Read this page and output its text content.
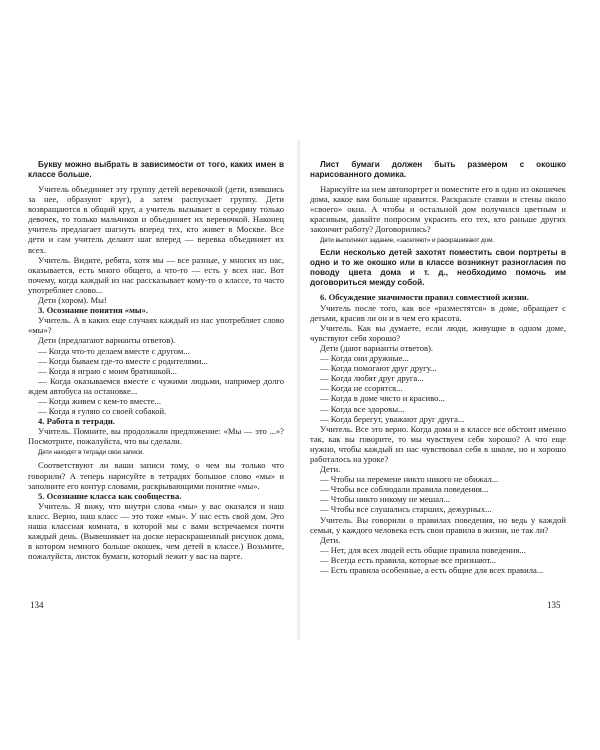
Букву можно выбрать в зависимости от того, каких имен в классе больше.

Учитель объединяет эту группу детей веревочкой (дети, взявшись за нее, образуют круг), а затем распускает группу. Дети возвращаются в общий круг, а учитель вызывает в середину только девочек, то только мальчиков и объединяет их веревочкой. Наконец учитель предлагает шагнуть вперед тех, кто живет в Москве. Все дети и сам учитель делают шаг вперед — веревка объединяет их всех.

Учитель. Видите, ребята, хотя мы — все разные, у многих из нас, оказывается, есть много общего, а что-то — есть у всех нас. Вот почему, когда каждый из нас рассказывает кому-то о классе, то часто употребляет слово...

Дети (хором). Мы!

3. Осознание понятия «мы».

Учитель. А в каких еще случаях каждый из нас употребляет слово «мы»?

Дети (предлагают варианты ответов).

— Когда что-то делаем вместе с другом...

— Когда бываем где-то вместе с родителями...

— Когда я играю с моим братишкой...

— Когда оказываемся вместе с чужими людьми, например долго ждем автобуса на остановке...

— Когда живем с кем-то вместе...

— Когда я гуляю со своей собакой.

4. Работа в тетради.

Учитель. Помните, вы продолжали предложение: «Мы — это ...»? Посмотрите, пожалуйста, что вы сделали.

Дети находят в тетради свои записи.

Соответствуют ли ваши записи тому, о чем вы только что говорили? А теперь нарисуйте в тетрадях большое слово «мы» и заполните его контур словами, раскрывающими понятие «мы».

5. Осознание класса как сообщества.

Учитель. Я вижу, что внутри слова «мы» у вас оказался и наш класс. Верно, наш класс — это тоже «мы». У нас есть свой дом. Это наша классная комната, в которой мы с вами встречаемся почти каждый день. (Вывешивает на доске нераскрашенный рисунок дома, в котором немного больше окошек, чем детей в классе.) Возьмите, пожалуйста, листок бумаги, который лежит у вас на парте.

Лист бумаги должен быть размером с окошко нарисованного домика.

Нарисуйте на нем автопортрет и поместите его в одно из окошечек дома, какое вам больше нравится. Раскрасьте ставни и стены около «своего» окна. А чтобы и остальной дом получился цветным и красивым, давайте попросим украсить его тех, кто раньше других закончит работу? Договорились?

Дети выполняют задание, «заселяют» и раскрашивают дом.

Если несколько детей захотят поместить свои портреты в одно и то же окошко или в классе возникнут разногласия по поводу цвета дома и т. д., необходимо помочь им договориться между собой.

6. Обсуждение значимости правил совместной жизни.

Учитель после того, как все «разместятся» в доме, обращает с детьми, красив ли он и в чем его красота.

Учитель. Как вы думаете, если люди, живущие в одном доме, чувствуют себя хорошо?

Дети (дают варианты ответов).

— Когда они дружные...

— Когда помогают друг другу...

— Когда любят друг друга...

— Когда не ссорятся...

— Когда в доме чисто и красиво...

— Когда все здоровы...

— Когда берегут, уважают друг друга...

Учитель. Все это верно. Когда дома и в классе все обстоит именно так, как вы говорите, то мы чувствуем себя хорошо? А что еще нужно, чтобы каждый из нас чувствовал себя в школе, но и хорошо работалось на уроке?

Дети.

— Чтобы на перемене никто никого не обижал...

— Чтобы все соблюдали правила поведения...

— Чтобы никто никому не мешал...

— Чтобы все слушались старших, дежурных...

Учитель. Вы говорили о правилах поведения, но ведь у каждой семьи, у каждого человека есть свои правила в жизни, не так ли?

Дети.

— Нет, для всех людей есть общие правила поведения...

— Всегда есть правила, которые все признают...

— Есть правила особенные, а есть общие для всех правила...

134	135
